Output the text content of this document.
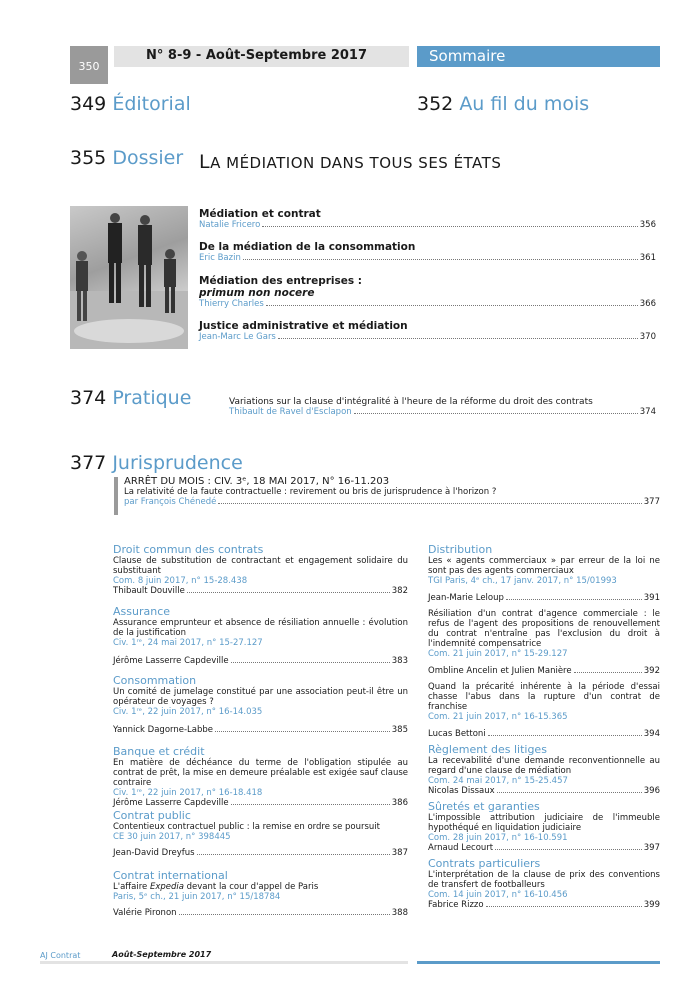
350
N° 8-9 - Août-Septembre 2017	Sommaire
349 Éditorial	352 Au fil du mois
355 Dossier LA MÉDIATION DANS TOUS SES ÉTATS
Médiation et contrat
Natalie Fricero	356
De la médiation de la consommation
Eric Bazin	361
Médiation des entreprises :
primum non nocere
Thierry Charles	366
Justice administrative et médiation
Jean-Marc Le Gars	370
374 Pratique	Variations sur la clause d'intégralité à l'heure de la réforme du droit des contrats
Thibault de Ravel d'Esclapon	374
377 Jurisprudence
ARRÊT DU MOIS : CIV. 3ᵉ, 18 MAI 2017, N° 16-11.203
La relativité de la faute contractuelle : revirement ou bris de jurisprudence à l'horizon ?
par François Chénedé	377
Droit commun des contrats
Clause de substitution de contractant et engagement solidaire du substituant
Com. 8 juin 2017, n° 15-28.438
Thibault Douville	382
Assurance
Assurance emprunteur et absence de résiliation annuelle : évolution de la justification
Civ. 1ʳᵉ, 24 mai 2017, n° 15-27.127
Jérôme Lasserre Capdeville	383
Consommation
Un comité de jumelage constitué par une association peut-il être un opérateur de voyages ?
Civ. 1ʳᵉ, 22 juin 2017, n° 16-14.035
Yannick Dagorne-Labbe	385
Banque et crédit
En matière de déchéance du terme de l'obligation stipulée au contrat de prêt, la mise en demeure préalable est exigée sauf clause contraire
Civ. 1ʳᵉ, 22 juin 2017, n° 16-18.418
Jérôme Lasserre Capdeville	386
Contrat public
Contentieux contractuel public : la remise en ordre se poursuit
CE 30 juin 2017, n° 398445
Jean-David Dreyfus	387
Contrat international
L'affaire Expedia devant la cour d'appel de Paris
Paris, 5ᵉ ch., 21 juin 2017, n° 15/18784
Valérie Pironon	388
Distribution
Les « agents commerciaux » par erreur de la loi ne sont pas des agents commerciaux
TGI Paris, 4ᵉ ch., 17 janv. 2017, n° 15/01993
Jean-Marie Leloup	391
Résiliation d'un contrat d'agence commerciale : le refus de l'agent des propositions de renouvellement du contrat n'entraîne pas l'exclusion du droit à l'indemnité compensatrice
Com. 21 juin 2017, n° 15-29.127
Ombline Ancelin et Julien Manière	392
Quand la précarité inhérente à la période d'essai chasse l'abus dans la rupture d'un contrat de franchise
Com. 21 juin 2017, n° 16-15.365
Lucas Bettoni	394
Règlement des litiges
La recevabilité d'une demande reconventionnelle au regard d'une clause de médiation
Com. 24 mai 2017, n° 15-25.457
Nicolas Dissaux	396
Sûretés et garanties
L'impossible attribution judiciaire de l'immeuble hypothéqué en liquidation judiciaire
Com. 28 juin 2017, n° 16-10.591
Arnaud Lecourt	397
Contrats particuliers
L'interprétation de la clause de prix des conventions de transfert de footballeurs
Com. 14 juin 2017, n° 16-10.456
Fabrice Rizzo	399
AJ Contrat	Août-Septembre 2017
